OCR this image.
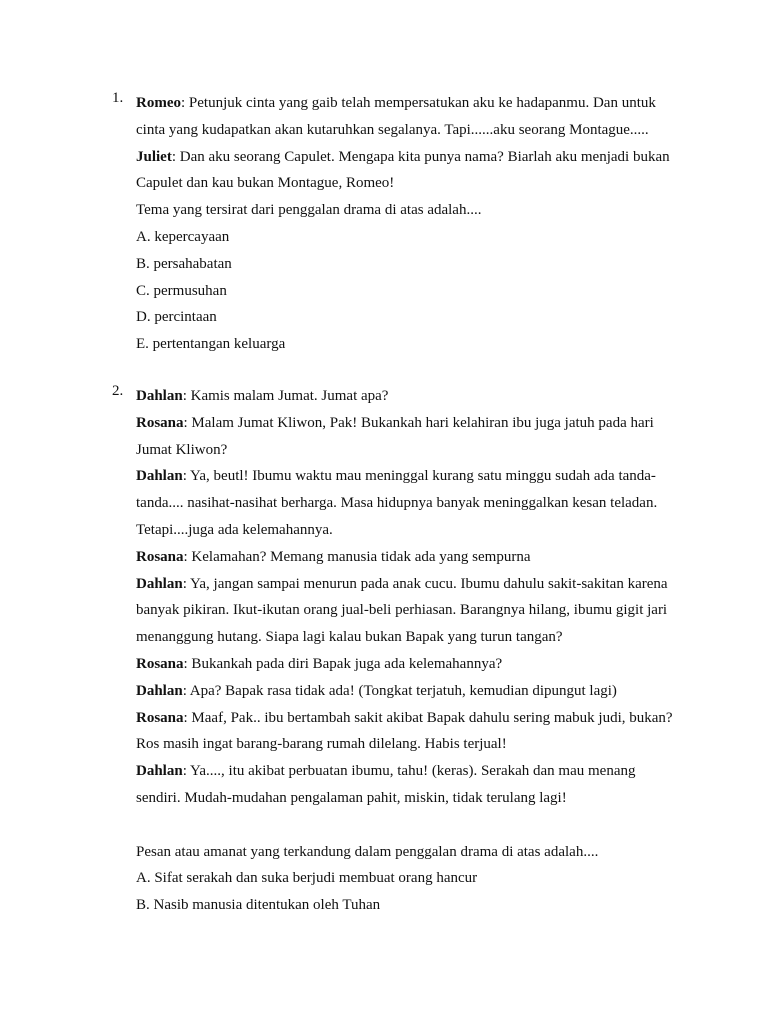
1. Romeo: Petunjuk cinta yang gaib telah mempersatukan aku ke hadapanmu. Dan untuk
cinta yang kudapatkan akan kutaruhkan segalanya. Tapi......aku seorang Montague.....
Juliet: Dan aku seorang Capulet. Mengapa kita punya nama? Biarlah aku menjadi bukan
Capulet dan kau bukan Montague, Romeo!
Tema yang tersirat dari penggalan drama di atas adalah....
A. kepercayaan
B. persahabatan
C. permusuhan
D. percintaan
E. pertentangan keluarga
2. Dahlan: Kamis malam Jumat. Jumat apa?
Rosana: Malam Jumat Kliwon, Pak! Bukankah hari kelahiran ibu juga jatuh pada hari
Jumat Kliwon?
Dahlan: Ya, beutl! Ibumu waktu mau meninggal kurang satu minggu sudah ada tanda-
tanda.... nasihat-nasihat berharga. Masa hidupnya banyak meninggalkan kesan teladan.
Tetapi....juga ada kelemahannya.
Rosana: Kelamahan? Memang manusia tidak ada yang sempurna
Dahlan: Ya, jangan sampai menurun pada anak cucu. Ibumu dahulu sakit-sakitan karena
banyak pikiran. Ikut-ikutan orang jual-beli perhiasan. Barangnya hilang, ibumu gigit jari
menanggung hutang. Siapa lagi kalau bukan Bapak yang turun tangan?
Rosana: Bukankah pada diri Bapak juga ada kelemahannya?
Dahlan: Apa? Bapak rasa tidak ada! (Tongkat terjatuh, kemudian dipungut lagi)
Rosana: Maaf, Pak.. ibu bertambah sakit akibat Bapak dahulu sering mabuk judi, bukan?
Ros masih ingat barang-barang rumah dilelang. Habis terjual!
Dahlan: Ya...., itu akibat perbuatan ibumu, tahu! (keras). Serakah dan mau menang
sendiri. Mudah-mudahan pengalaman pahit, miskin, tidak terulang lagi!
Pesan atau amanat yang terkandung dalam penggalan drama di atas adalah....
A. Sifat serakah dan suka berjudi membuat orang hancur
B. Nasib manusia ditentukan oleh Tuhan
